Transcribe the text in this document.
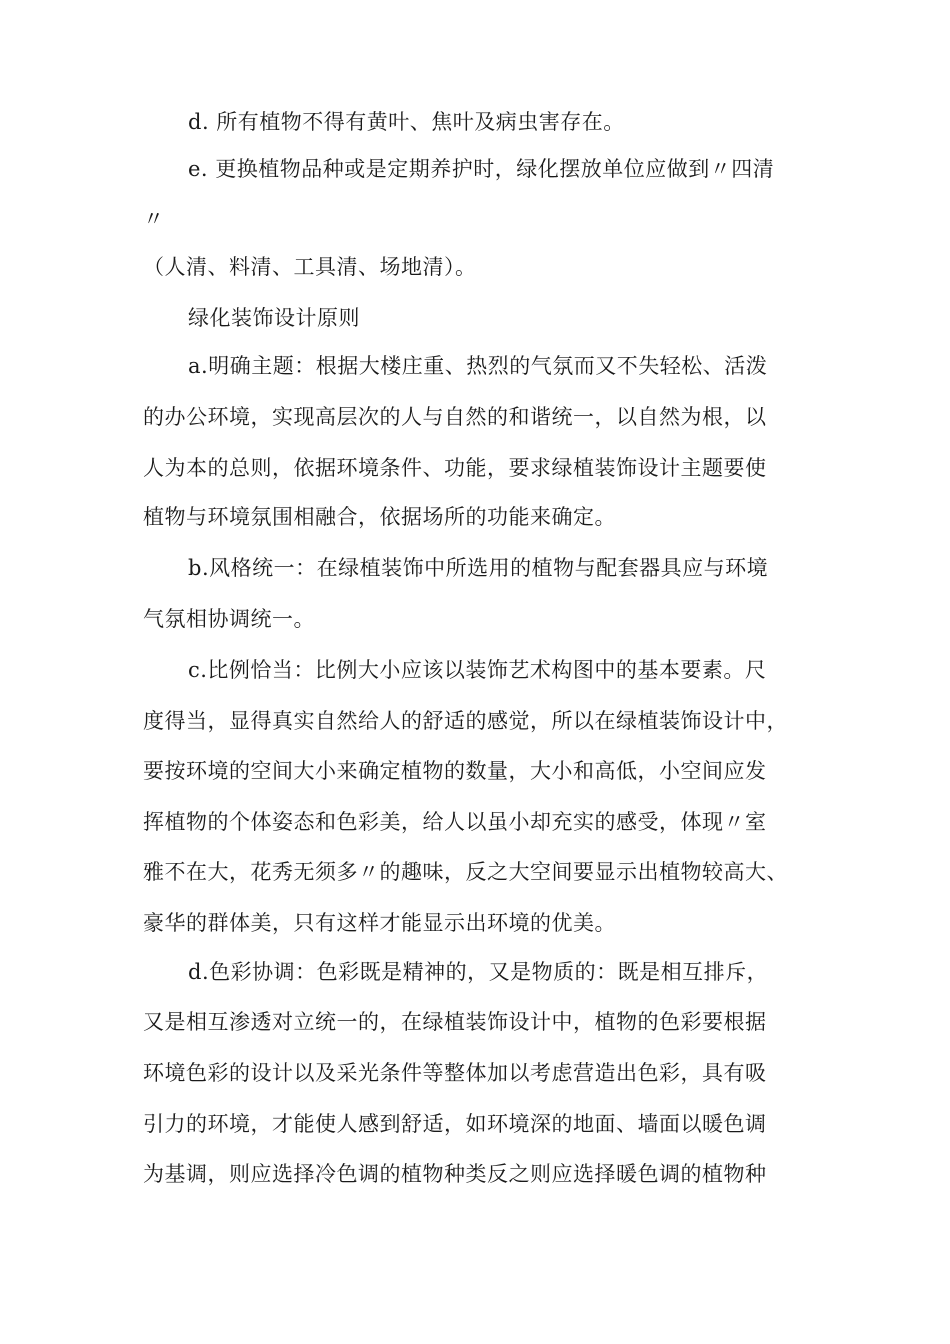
d. 所有植物不得有黄叶、焦叶及病虫害存在。
e. 更换植物品种或是定期养护时，绿化摆放单位应做到〃四清
〃
（人清、料清、工具清、场地清）。
绿化装饰设计原则
a.明确主题：根据大楼庄重、热烈的气氛而又不失轻松、活泼
的办公环境，实现高层次的人与自然的和谐统一，以自然为根，以
人为本的总则，依据环境条件、功能，要求绿植装饰设计主题要使
植物与环境氛围相融合，依据场所的功能来确定。
b.风格统一：在绿植装饰中所选用的植物与配套器具应与环境
气氛相协调统一。
c.比例恰当：比例大小应该以装饰艺术构图中的基本要素。尺
度得当，显得真实自然给人的舒适的感觉，所以在绿植装饰设计中，
要按环境的空间大小来确定植物的数量，大小和高低，小空间应发
挥植物的个体姿态和色彩美，给人以虽小却充实的感受，体现〃室
雅不在大，花秀无须多〃的趣味，反之大空间要显示出植物较高大、
豪华的群体美，只有这样才能显示出环境的优美。
d.色彩协调：色彩既是精神的，又是物质的：既是相互排斥，
又是相互渗透对立统一的，在绿植装饰设计中，植物的色彩要根据
环境色彩的设计以及采光条件等整体加以考虑营造出色彩，具有吸
引力的环境，才能使人感到舒适，如环境深的地面、墙面以暖色调
为基调，则应选择冷色调的植物种类反之则应选择暖色调的植物种
